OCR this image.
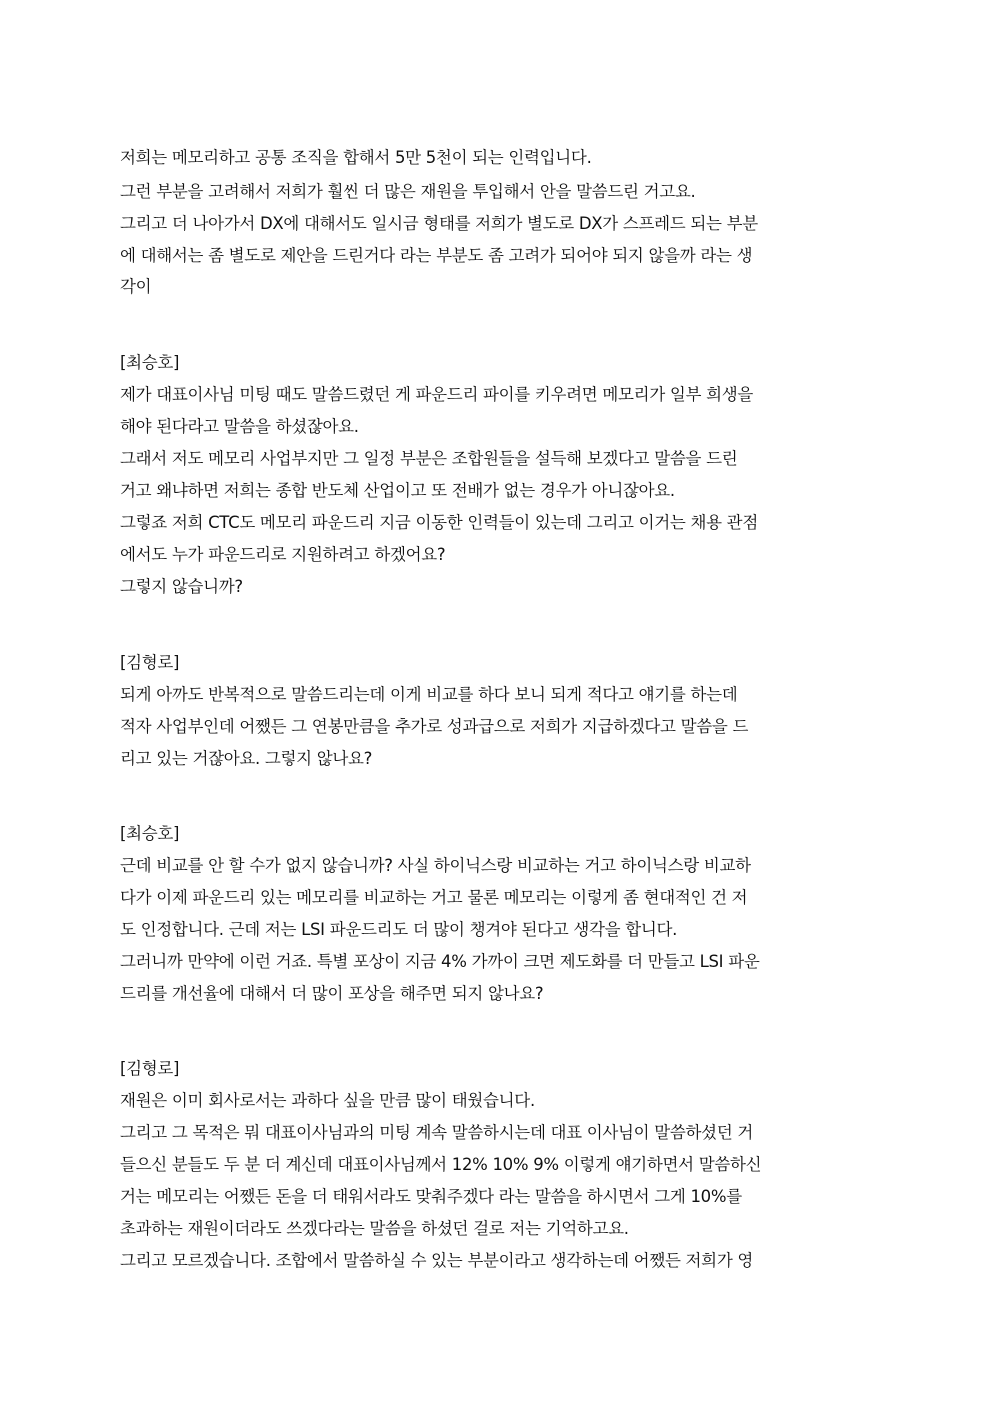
저희는 메모리하고 공통 조직을 합해서 5만 5천이 되는 인력입니다.
그런 부분을 고려해서 저희가 훨씬 더 많은 재원을 투입해서 안을 말씀드린 거고요.
그리고 더 나아가서 DX에 대해서도 일시금 형태를 저희가 별도로 DX가 스프레드 되는 부분
에 대해서는 좀 별도로 제안을 드린거다 라는 부분도 좀 고려가 되어야 되지 않을까 라는 생
각이
[최승호]
제가 대표이사님 미팅 때도 말씀드렸던 게 파운드리 파이를 키우려면 메모리가 일부 희생을
해야 된다라고 말씀을 하셨잖아요.
그래서 저도 메모리 사업부지만 그 일정 부분은 조합원들을 설득해 보겠다고 말씀을 드린
거고 왜냐하면 저희는 종합 반도체 산업이고 또 전배가 없는 경우가 아니잖아요.
그렇죠 저희 CTC도 메모리 파운드리 지금 이동한 인력들이 있는데 그리고 이거는 채용 관점
에서도 누가 파운드리로 지원하려고 하겠어요?
그렇지 않습니까?
[김형로]
되게 아까도 반복적으로 말씀드리는데 이게 비교를 하다 보니 되게 적다고 얘기를 하는데
적자 사업부인데 어쨌든 그 연봉만큼을 추가로 성과급으로 저희가 지급하겠다고 말씀을 드
리고 있는 거잖아요. 그렇지 않나요?
[최승호]
근데 비교를 안 할 수가 없지 않습니까? 사실 하이닉스랑 비교하는 거고 하이닉스랑 비교하
다가 이제 파운드리 있는 메모리를 비교하는 거고 물론 메모리는 이렇게 좀 현대적인 건 저
도 인정합니다. 근데 저는 LSI 파운드리도 더 많이 챙겨야 된다고 생각을 합니다.
그러니까 만약에 이런 거죠. 특별 포상이 지금 4% 가까이 크면 제도화를 더 만들고 LSI 파운
드리를 개선율에 대해서 더 많이 포상을 해주면 되지 않나요?
[김형로]
재원은 이미 회사로서는 과하다 싶을 만큼 많이 태웠습니다.
그리고 그 목적은 뭐 대표이사님과의 미팅 계속 말씀하시는데 대표 이사님이 말씀하셨던 거
들으신 분들도 두 분 더 계신데 대표이사님께서 12% 10% 9% 이렇게 얘기하면서 말씀하신
거는 메모리는 어쨌든 돈을 더 태워서라도 맞춰주겠다 라는 말씀을 하시면서 그게 10%를
초과하는 재원이더라도 쓰겠다라는 말씀을 하셨던 걸로 저는 기억하고요.
그리고 모르겠습니다. 조합에서 말씀하실 수 있는 부분이라고 생각하는데 어쨌든 저희가 영
